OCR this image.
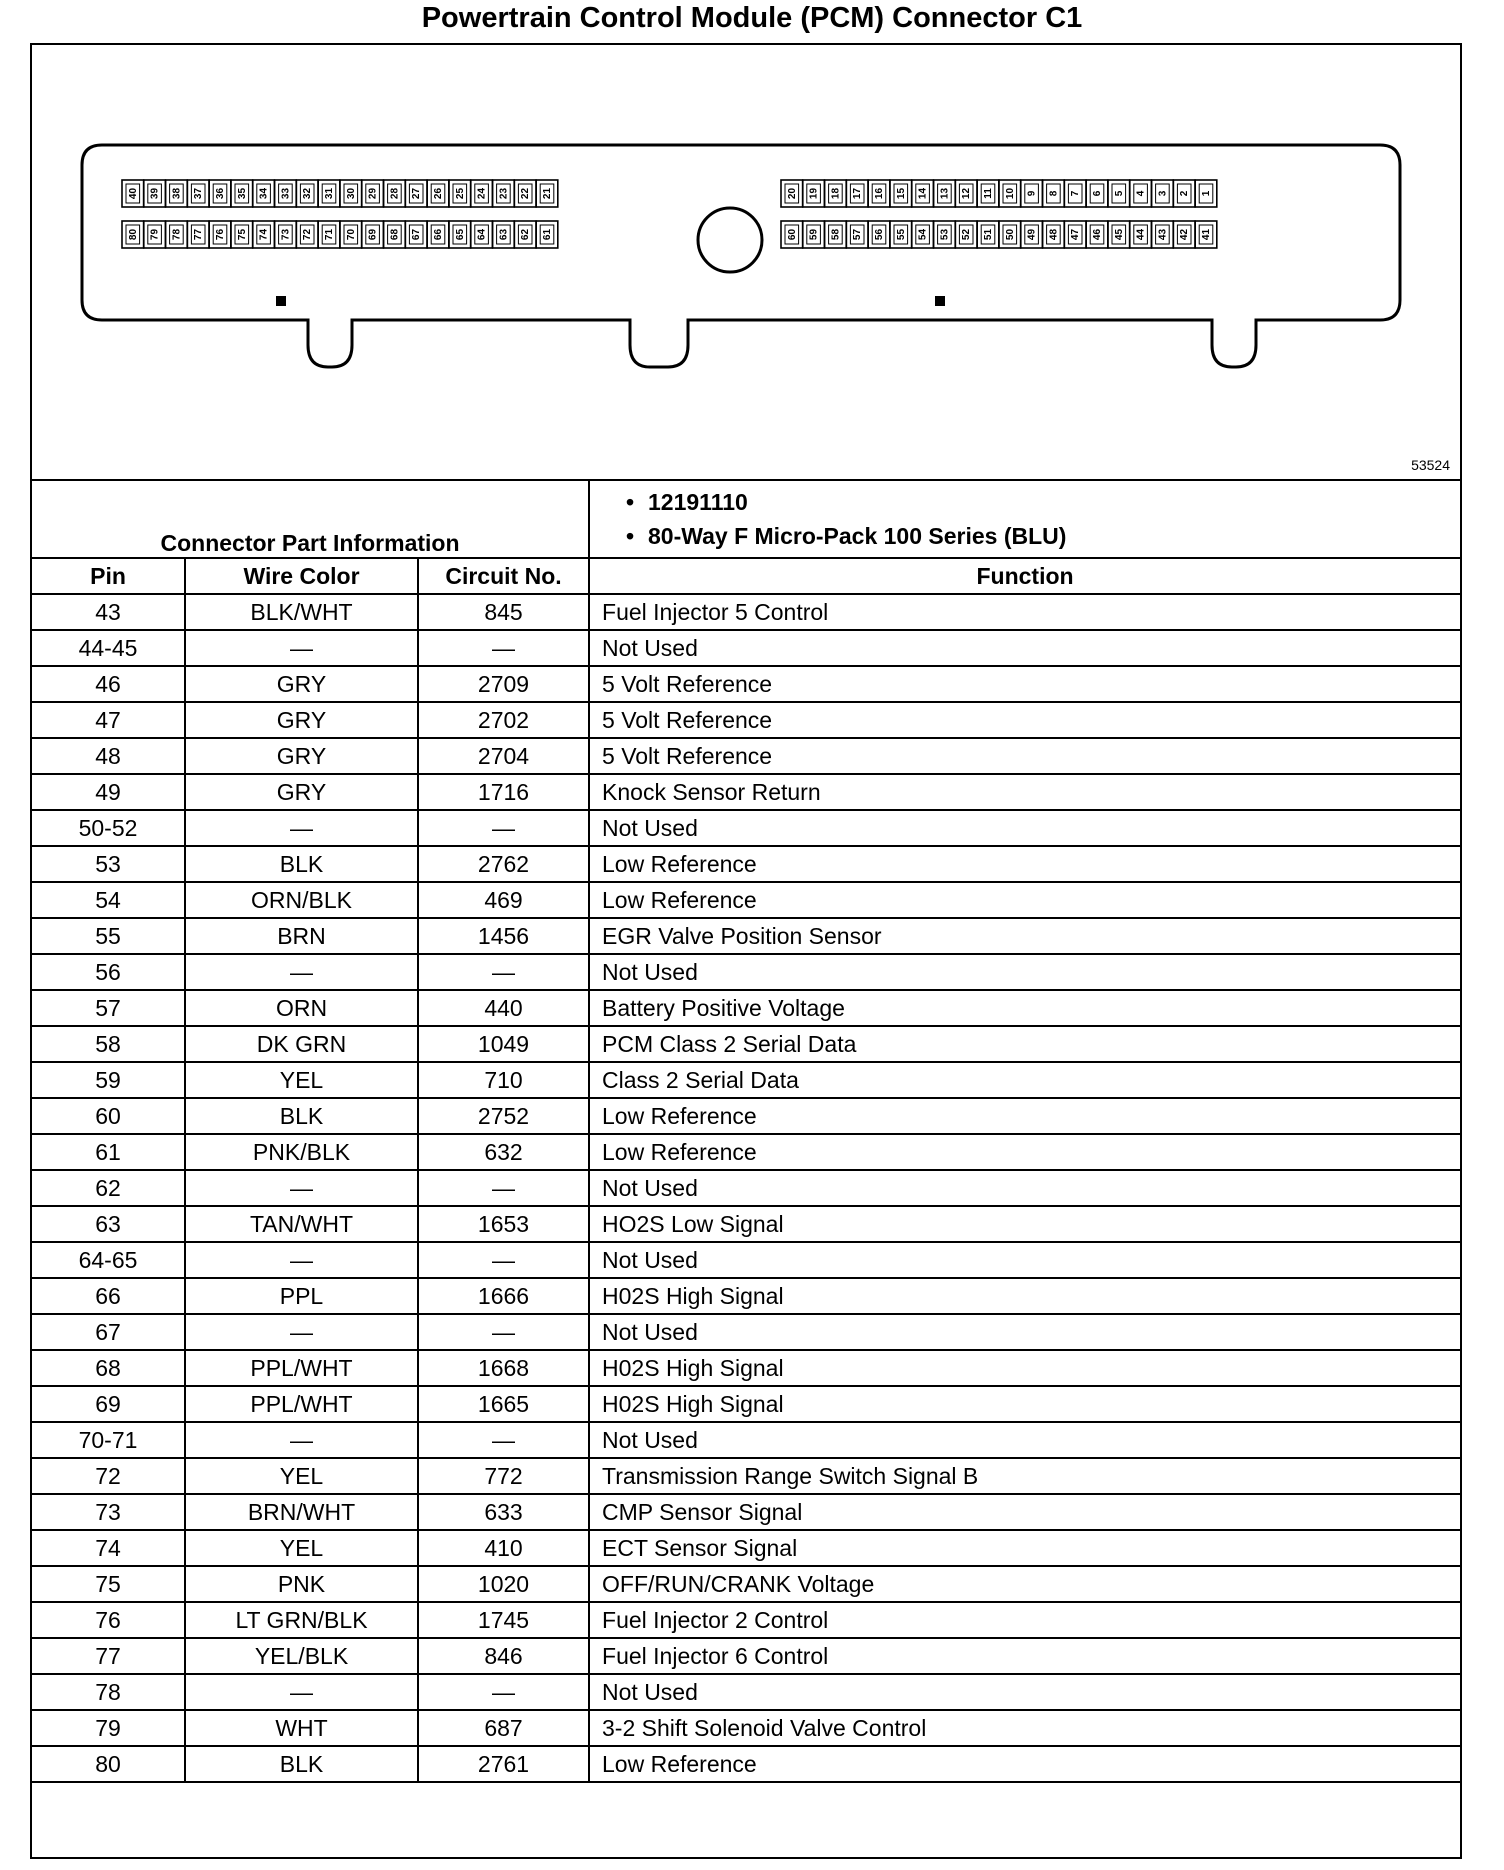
Powertrain Control Module (PCM) Connector C1
40 39 38 37 36 35 34 33 32 31 30 29 28 27 26 25 24 23 22 21
80 79 78 77 76 75 74 73 72 71 70 69 68 67 66 65 64 63 62 61
20 19 18 17 16 15 14 13 12 11 10 9 8 7 6 5 4 3 2 1
60 59 58 57 56 55 54 53 52 51 50 49 48 47 46 45 44 43 42 41
53524
Connector Part Information			• 12191110
• 80-Way F Micro-Pack 100 Series (BLU)

Pin	Wire Color	Circuit No.	Function
43	BLK/WHT	845	Fuel Injector 5 Control
44-45	—	—	Not Used
46	GRY	2709	5 Volt Reference
47	GRY	2702	5 Volt Reference
48	GRY	2704	5 Volt Reference
49	GRY	1716	Knock Sensor Return
50-52	—	—	Not Used
53	BLK	2762	Low Reference
54	ORN/BLK	469	Low Reference
55	BRN	1456	EGR Valve Position Sensor
56	—	—	Not Used
57	ORN	440	Battery Positive Voltage
58	DK GRN	1049	PCM Class 2 Serial Data
59	YEL	710	Class 2 Serial Data
60	BLK	2752	Low Reference
61	PNK/BLK	632	Low Reference
62	—	—	Not Used
63	TAN/WHT	1653	HO2S Low Signal
64-65	—	—	Not Used
66	PPL	1666	H02S High Signal
67	—	—	Not Used
68	PPL/WHT	1668	H02S High Signal
69	PPL/WHT	1665	H02S High Signal
70-71	—	—	Not Used
72	YEL	772	Transmission Range Switch Signal B
73	BRN/WHT	633	CMP Sensor Signal
74	YEL	410	ECT Sensor Signal
75	PNK	1020	OFF/RUN/CRANK Voltage
76	LT GRN/BLK	1745	Fuel Injector 2 Control
77	YEL/BLK	846	Fuel Injector 6 Control
78	—	—	Not Used
79	WHT	687	3-2 Shift Solenoid Valve Control
80	BLK	2761	Low Reference
